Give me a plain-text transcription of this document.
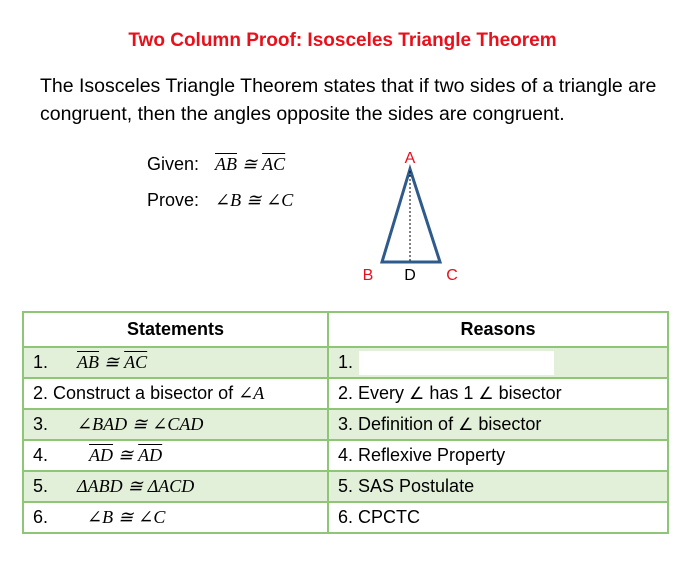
Two Column Proof: Isosceles Triangle Theorem
The Isosceles Triangle Theorem states that if two sides of a triangle are congruent, then the angles opposite the sides are congruent.
Given: $\overline{AB}$ ≅ $\overline{AC}$
Prove: ∠B ≅ ∠C
A
B D C
Statements	Reasons
1. $\overline{AB}$ ≅ $\overline{AC}$	1.
2. Construct a bisector of ∠A	2. Every ∠ has 1 ∠ bisector
3. ∠BAD ≅ ∠CAD	3. Definition of ∠ bisector
4. $\overline{AD}$ ≅ $\overline{AD}$	4. Reflexive Property
5. ΔABD ≅ ΔACD	5. SAS Postulate
6. ∠B ≅ ∠C	6. CPCTC
